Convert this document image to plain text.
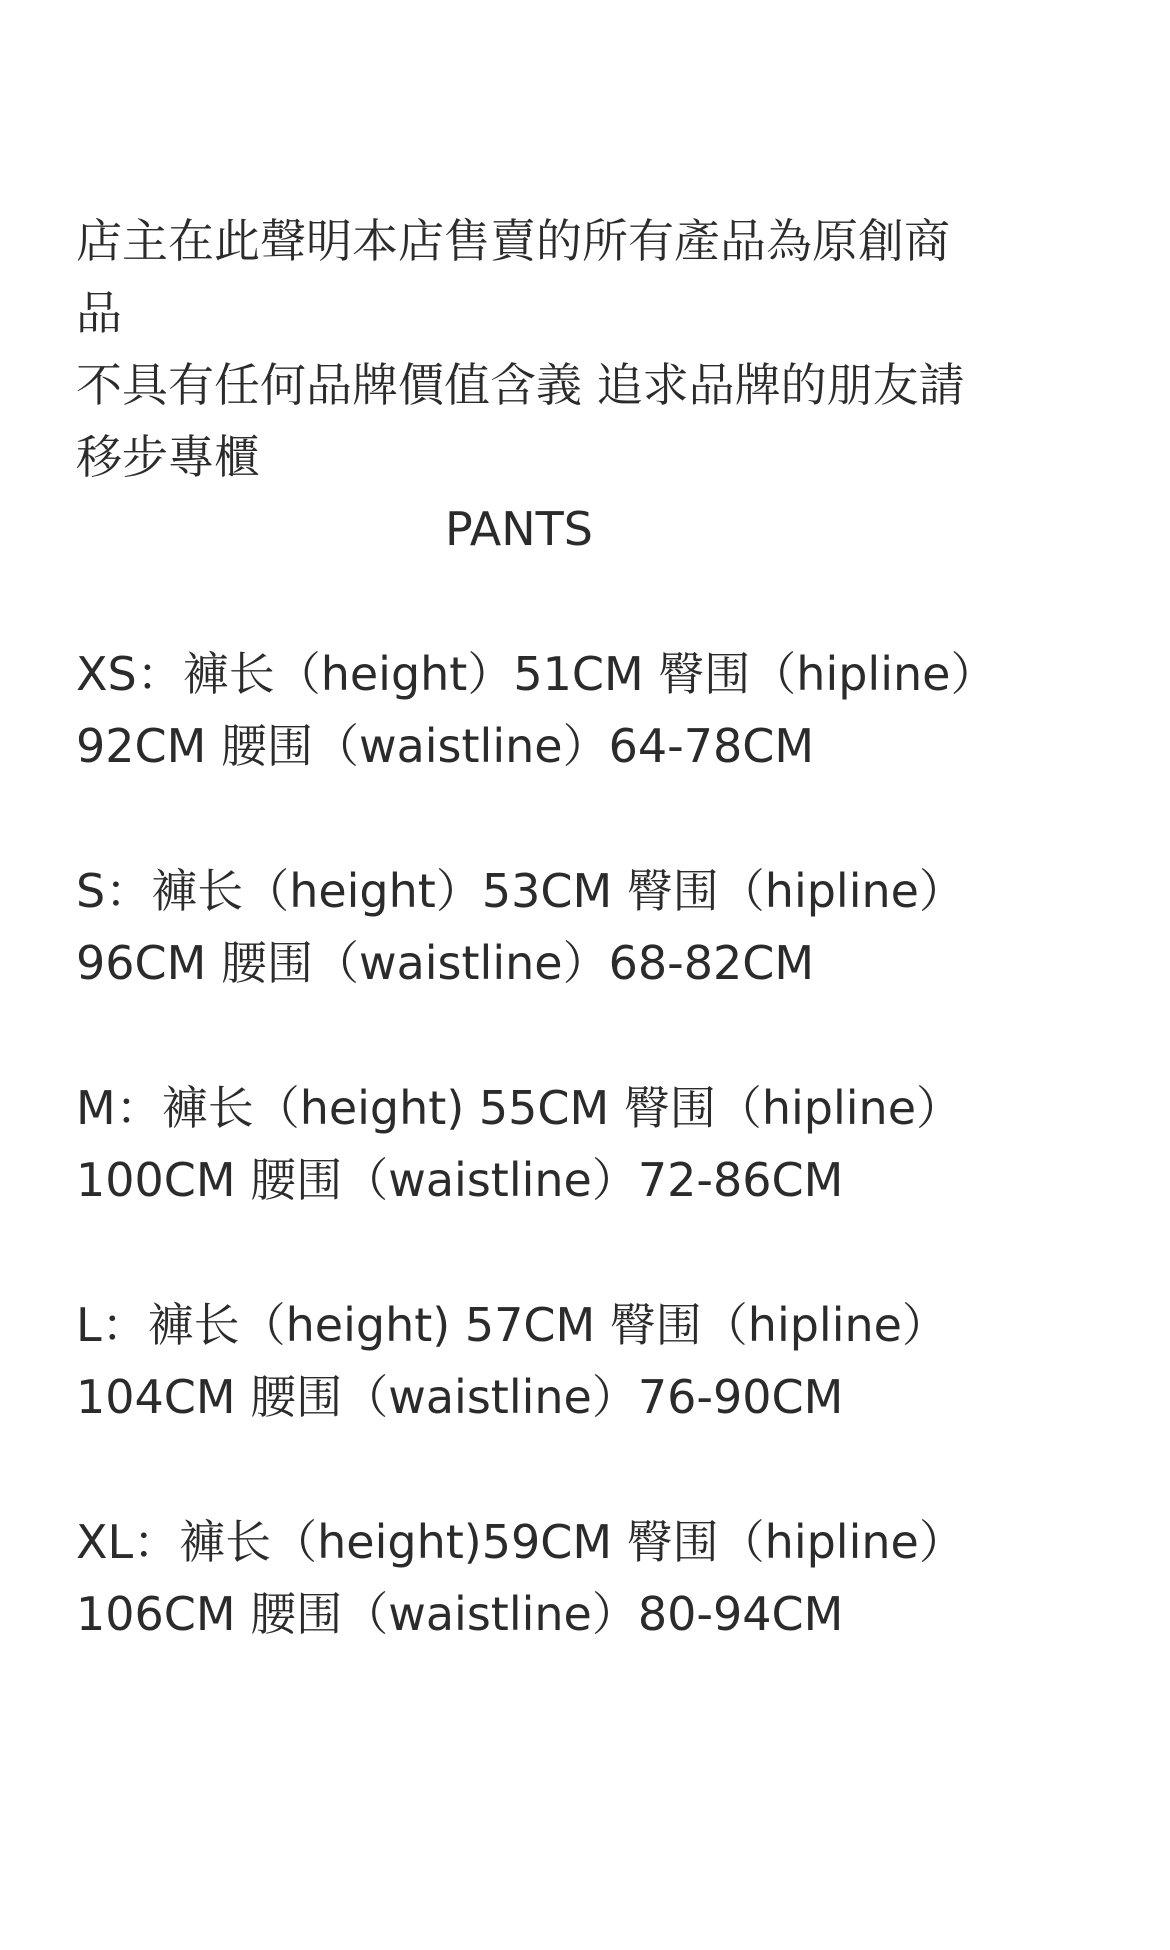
店主在此聲明本店售賣的所有產品為原創商

品

不具有任何品牌價值含義 追求品牌的朋友請

移步專櫃

PANTS

XS：褲长（height）51CM 臀围（hipline）

92CM 腰围（waistline）64-78CM

S：褲长（height）53CM 臀围（hipline）

96CM 腰围（waistline）68-82CM

M：褲长（height) 55CM 臀围（hipline）

100CM 腰围（waistline）72-86CM

L：褲长（height) 57CM 臀围（hipline）

104CM 腰围（waistline）76-90CM

XL：褲长（height)59CM 臀围（hipline）

106CM 腰围（waistline）80-94CM
